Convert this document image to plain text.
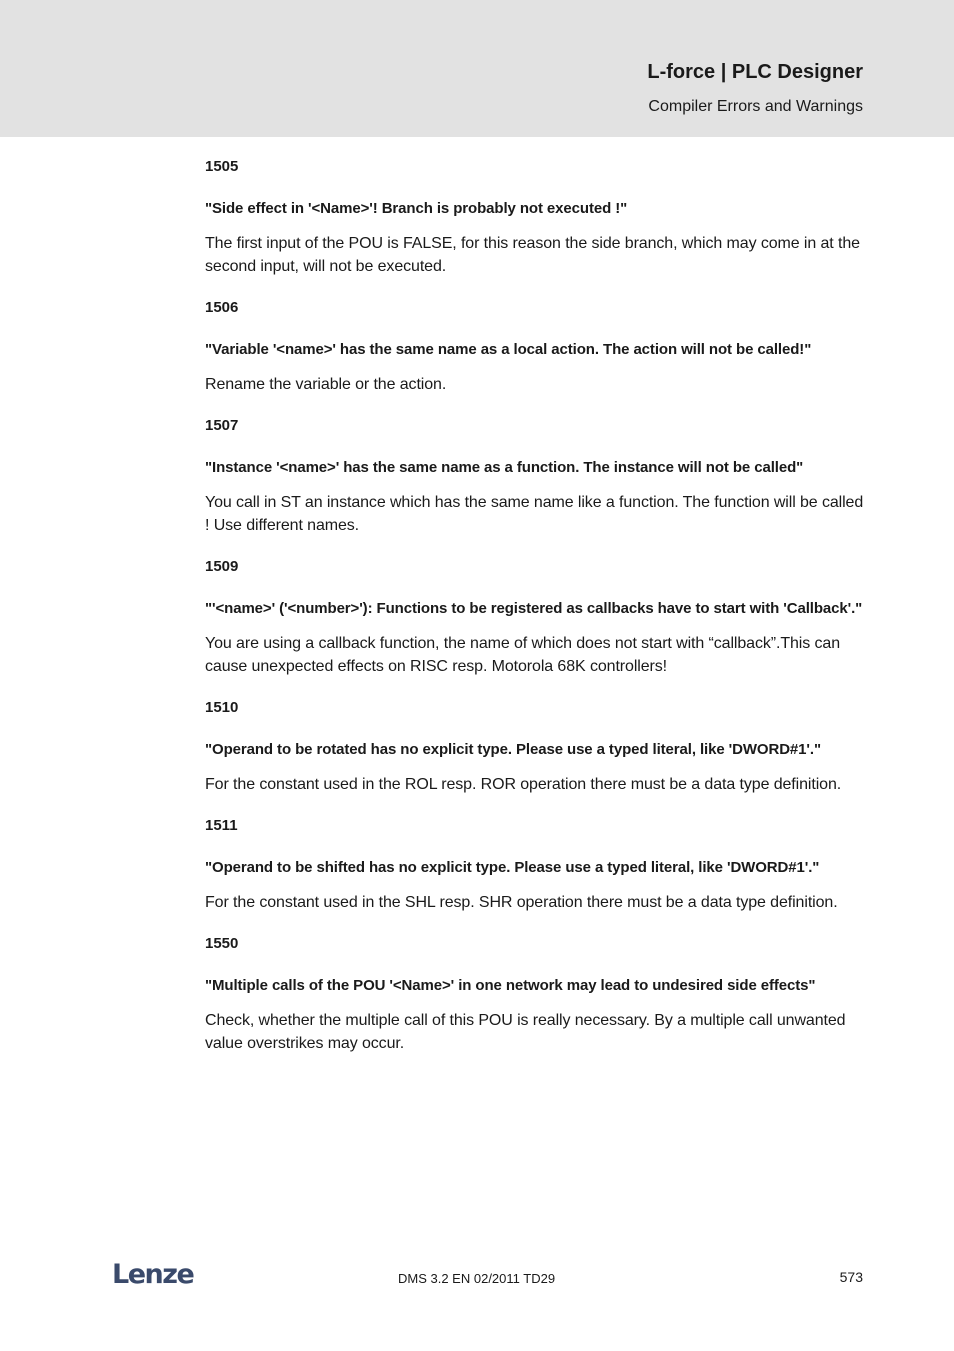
L-force | PLC Designer
Compiler Errors and Warnings
1505
"Side effect in '<Name>'! Branch is probably not executed !"
The first input of the POU is FALSE, for this reason the side branch, which may come in at the second input, will not be executed.
1506
"Variable '<name>' has the same name as a local action. The action will not be called!"
Rename the variable or the action.
1507
"Instance '<name>' has the same name as a function. The instance will not be called"
You call in ST an instance which has the same name like a function. The function will be called ! Use different names.
1509
"'<name>' ('<number>'): Functions to be registered as callbacks have to start with 'Callback'."
You are using a callback function, the name of which does not start with “callback”.This can cause unexpected effects on RISC resp. Motorola 68K controllers!
1510
"Operand to be rotated has no explicit type. Please use a typed literal, like 'DWORD#1'."
For the constant used in the ROL resp. ROR operation there must be a data type definition.
1511
"Operand to be shifted has no explicit type. Please use a typed literal, like 'DWORD#1'."
For the constant used in the SHL resp. SHR operation there must be a data type definition.
1550
"Multiple calls of the POU '<Name>' in one network may lead to undesired side effects"
Check, whether the multiple call of this POU is really necessary. By a multiple call unwanted value overstrikes may occur.
Lenze	DMS 3.2 EN 02/2011 TD29	573
